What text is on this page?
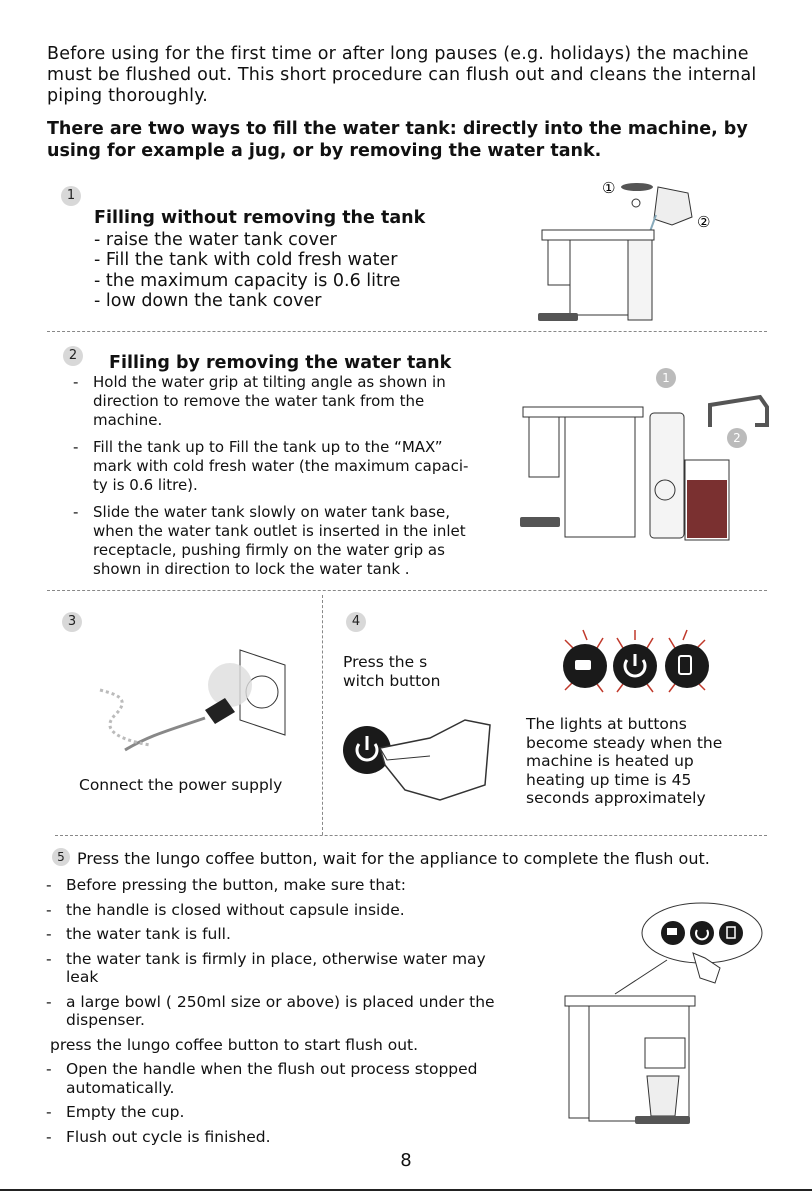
Before using for the first time or after long pauses (e.g. holidays) the machine must be flushed out. This short procedure can flush out and cleans the internal piping thoroughly.
There are two ways to fill the water tank: directly into the machine, by using for example a jug, or by removing the water tank.
1
Filling without removing the tank
- raise the water tank cover
- Fill the tank with cold fresh water
- the maximum capacity is 0.6 litre
- low down the tank cover
①
②
2	Filling by removing the water tank
- Hold the water grip at tilting angle as shown in
direction to remove the water tank from the
machine.
- Fill the tank up to Fill the tank up to the “MAX”
mark with cold fresh water (the maximum capaci-
ty is 0.6 litre).
- Slide the water tank slowly on water tank base,
when the water tank outlet is inserted in the inlet
receptacle, pushing firmly on the water grip as
shown in direction to lock the water tank .
1
2
3
Connect the power supply
4
Press the s
witch button
The lights at buttons
become steady when the
machine is heated up
heating up time is 45
seconds approximately
5 Press the lungo coffee button, wait for the appliance to complete the flush out.
- Before pressing the button, make sure that:
- the handle is closed without capsule inside.
- the water tank is full.
- the water tank is firmly in place, otherwise water may
leak
- a large bowl ( 250ml size or above) is placed under the
dispenser.
press the lungo coffee button to start flush out.
- Open the handle when the flush out process stopped
automatically.
- Empty the cup.
- Flush out cycle is finished.
8
